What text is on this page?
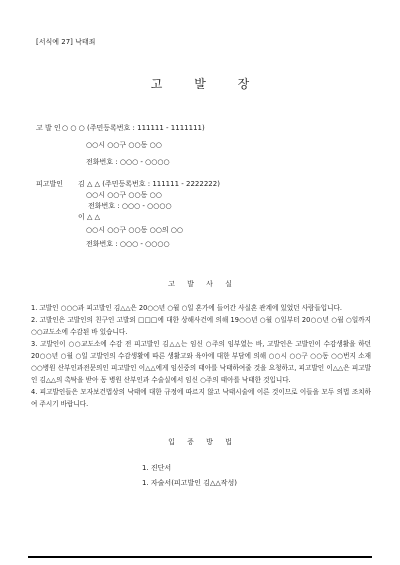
[서식예 27] 낙태죄
고 발 장
고 발 인 ○ ○ ○ (주민등록번호 : 111111 - 1111111)
○○시 ○○구 ○○동 ○○
전화번호 : ○○○ - ○○○○
피고발인 김 △ △ (주민등록번호 : 111111 - 2222222)
○○시 ○○구 ○○동 ○○
전화번호 : ○○○ - ○○○○
이 △ △
○○시 ○○구 ○○동 ○○의 ○○
전화번호 : ○○○ - ○○○○
고 발 사 실

1. 고발인 ○○○과 피고발인 김△△은 20○○년 ○월 ○일 혼가에 들어간 사실혼 관계에 있었던 사람들입니다.

2. 고발인은 고발인의 친구인 고발외 □□□에 대한 상해사건에 의해 19○○년 ○월 ○일부터 20○○년 ○월 ○일까지 ○○교도소에 수감된 바 있습니다.

3. 고발인이 ○○교도소에 수감 전 피고발인 김△△는 임신 ○주의 임부였는 바, 고발인은 고발인이 수감생활을 하던 20○○년 ○월 ○일 고발인의 수감생활에 따른 생활고와 육아에 대한 부담에 의해 ○○시 ○○구 ○○동 ○○번지 소재 ○○병원 산부인과전문의인 피고발인 이△△에게 임신중의 태아를 낙태하여줄 것을 요청하고, 피고발인 이△△은 피고발인 김△△의 촉탁을 받아 동 병원 산부인과 수술실에서 임신 ○주의 태아를 낙태한 것입니다.

4. 피고발인들은 모자보건법상의 낙태에 대한 규정에 따르지 않고 낙태시술에 이른 것이므로 이들을 모두 의법 조치하여 주시기 바랍니다.

입 증 방 법
1. 진단서
1. 자술서(피고발인 김△△작성)
